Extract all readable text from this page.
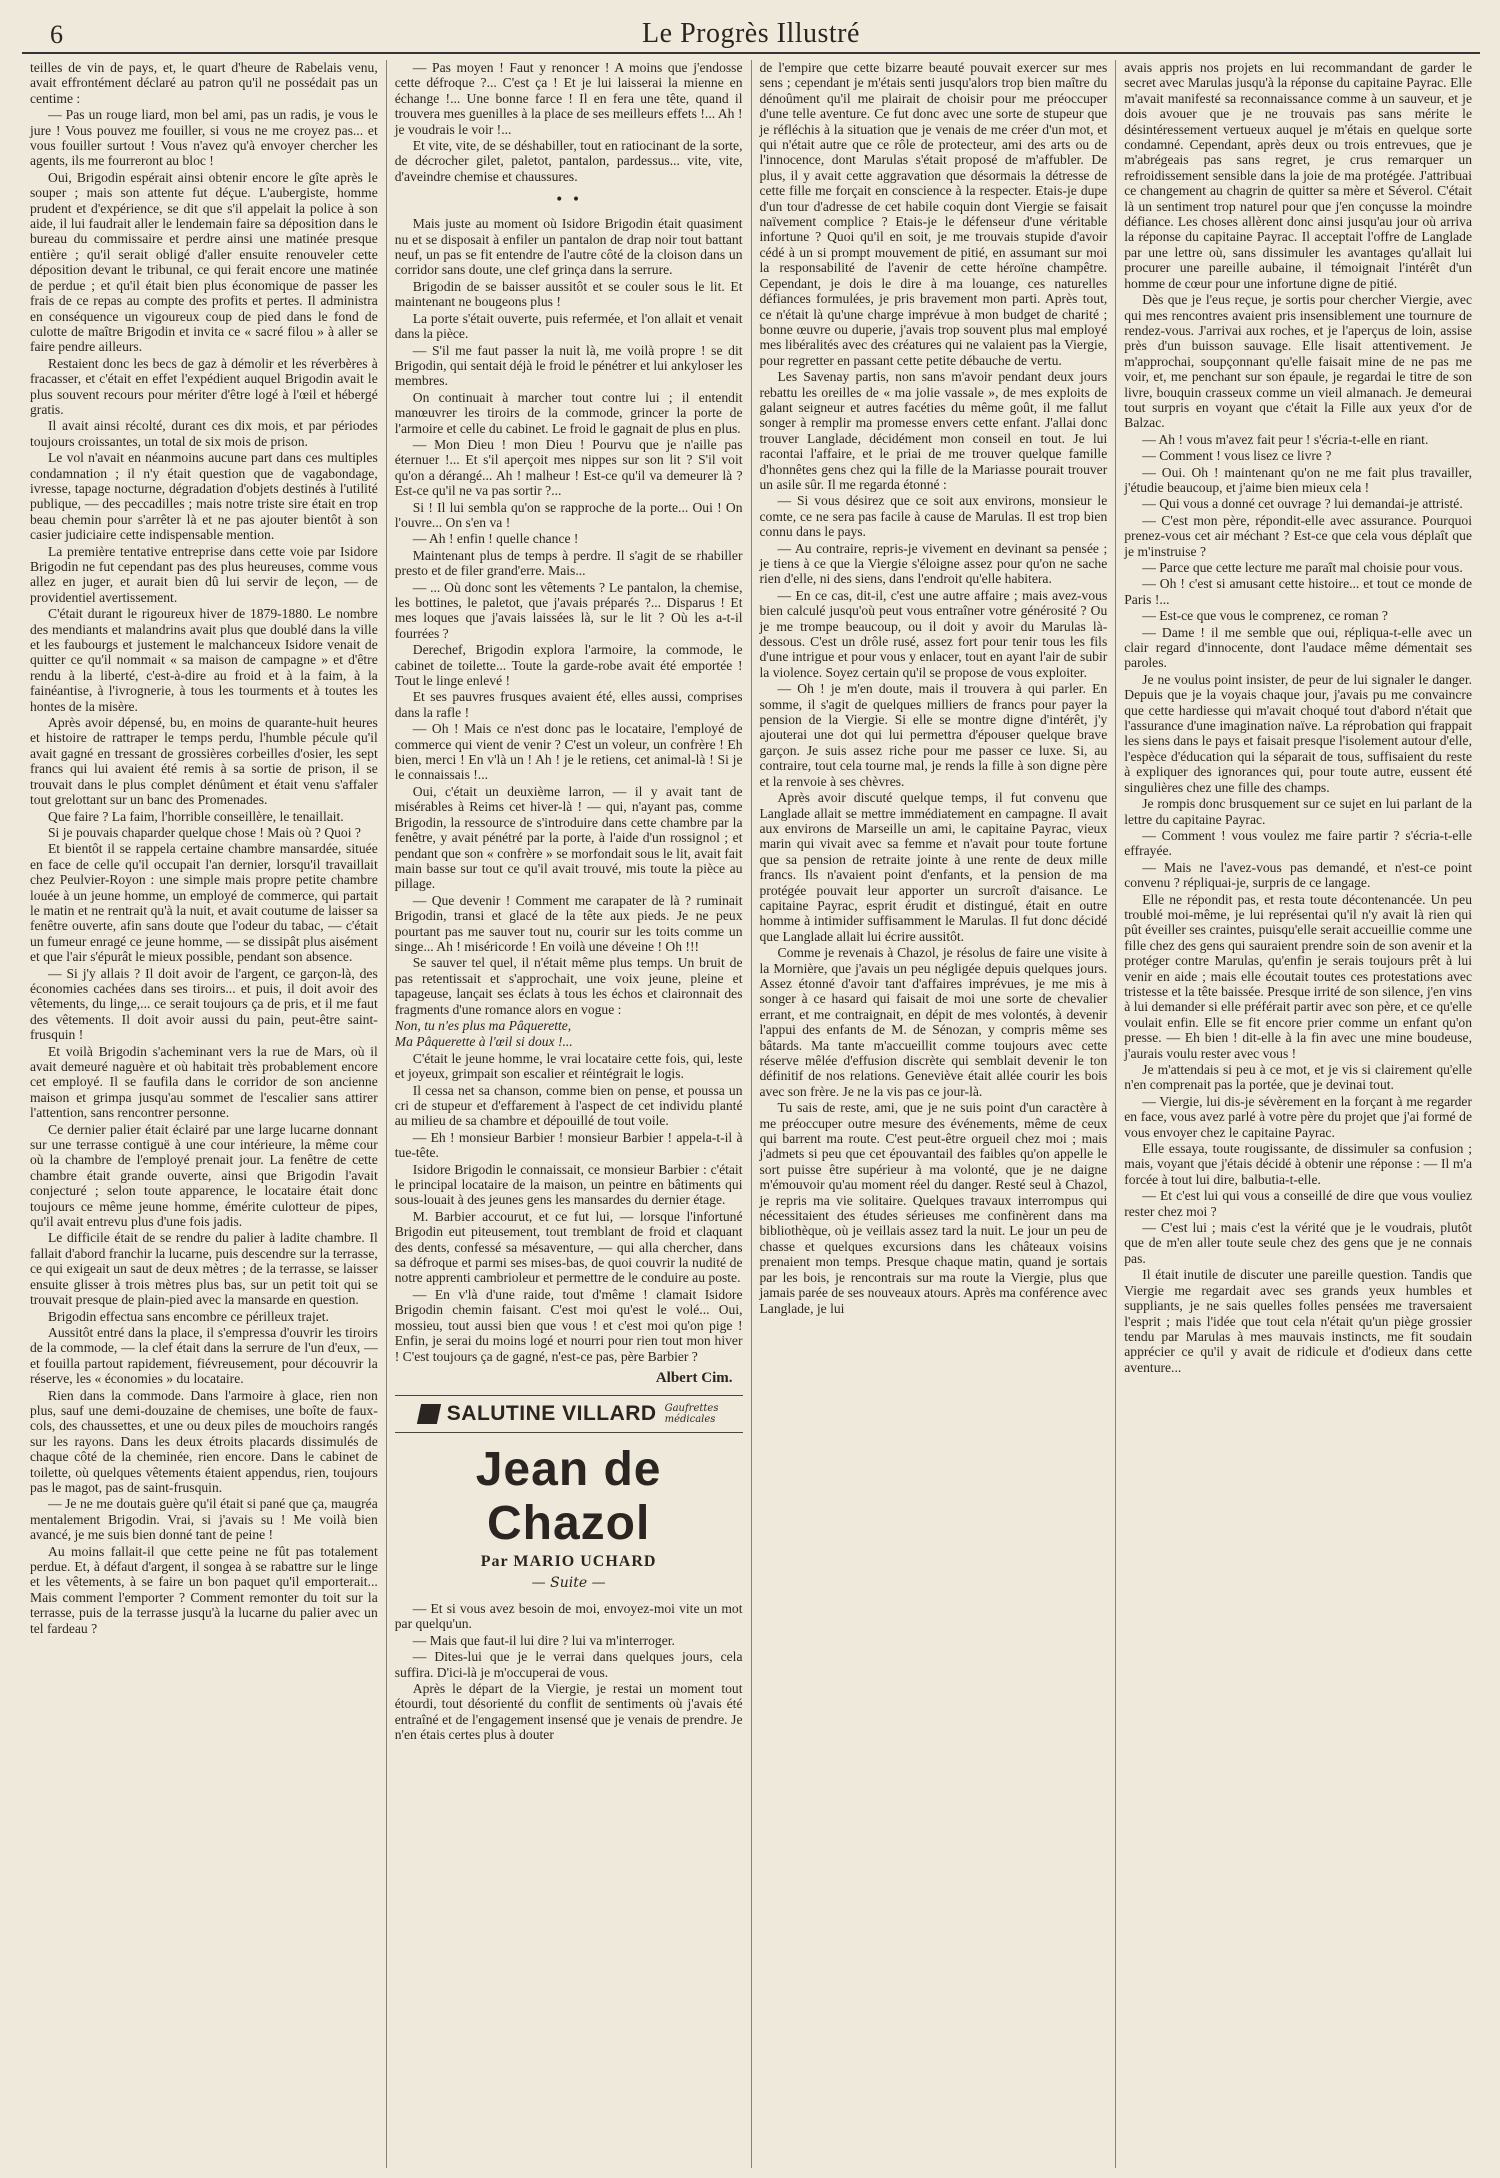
6	Le Progrès Illustré

teilles de vin de pays, et, le quart d'heure de Rabelais venu, avait effrontément déclaré au patron qu'il ne possédait pas un centime :

— Pas un rouge liard, mon bel ami, pas un radis, je vous le jure ! Vous pouvez me fouiller, si vous ne me croyez pas... et vous fouiller surtout ! Vous n'avez qu'à envoyer chercher les agents, ils me fourreront au bloc !

Oui, Brigodin espérait ainsi obtenir encore le gîte après le souper ; mais son attente fut déçue. L'aubergiste, homme prudent et d'expérience, se dit que s'il appelait la police à son aide, il lui faudrait aller le lendemain faire sa déposition dans le bureau du commissaire et perdre ainsi une matinée presque entière ; qu'il serait obligé d'aller ensuite renouveler cette déposition devant le tribunal, ce qui ferait encore une matinée de perdue ; et qu'il était bien plus économique de passer les frais de ce repas au compte des profits et pertes. Il administra en conséquence un vigoureux coup de pied dans le fond de culotte de maître Brigodin et invita ce « sacré filou » à aller se faire pendre ailleurs.

Restaient donc les becs de gaz à démolir et les réverbères à fracasser, et c'était en effet l'expédient auquel Brigodin avait le plus souvent recours pour mériter d'être logé à l'œil et hébergé gratis.

Il avait ainsi récolté, durant ces dix mois, et par périodes toujours croissantes, un total de six mois de prison.

Le vol n'avait en néanmoins aucune part dans ces multiples condamnation ; il n'y était question que de vagabondage, ivresse, tapage nocturne, dégradation d'objets destinés à l'utilité publique, — des peccadilles ; mais notre triste sire était en trop beau chemin pour s'arrêter là et ne pas ajouter bientôt à son casier judiciaire cette indispensable mention.

La première tentative entreprise dans cette voie par Isidore Brigodin ne fut cependant pas des plus heureuses, comme vous allez en juger, et aurait bien dû lui servir de leçon, — de providentiel avertissement.

C'était durant le rigoureux hiver de 1879-1880. Le nombre des mendiants et malandrins avait plus que doublé dans la ville et les faubourgs et justement le malchanceux Isidore venait de quitter ce qu'il nommait « sa maison de campagne » et d'être rendu à la liberté, c'est-à-dire au froid et à la faim, à la fainéantise, à l'ivrognerie, à tous les tourments et à toutes les hontes de la misère.

Après avoir dépensé, bu, en moins de quarante-huit heures et histoire de rattraper le temps perdu, l'humble pécule qu'il avait gagné en tressant de grossières corbeilles d'osier, les sept francs qui lui avaient été remis à sa sortie de prison, il se trouvait dans le plus complet dénûment et était venu s'affaler tout grelottant sur un banc des Promenades.

Que faire ? La faim, l'horrible conseillère, le tenaillait.

Si je pouvais chaparder quelque chose ! Mais où ? Quoi ?

Et bientôt il se rappela certaine chambre mansardée, située en face de celle qu'il occupait l'an dernier, lorsqu'il travaillait chez Peulvier-Royon : une simple mais propre petite chambre louée à un jeune homme, un employé de commerce, qui partait le matin et ne rentrait qu'à la nuit, et avait coutume de laisser sa fenêtre ouverte, afin sans doute que l'odeur du tabac, — c'était un fumeur enragé ce jeune homme, — se dissipât plus aisément et que l'air s'épurât le mieux possible, pendant son absence.

— Si j'y allais ? Il doit avoir de l'argent, ce garçon-là, des économies cachées dans ses tiroirs... et puis, il doit avoir des vêtements, du linge,... ce serait toujours ça de pris, et il me faut des vêtements. Il doit avoir aussi du pain, peut-être saint-frusquin !

Et voilà Brigodin s'acheminant vers la rue de Mars, où il avait demeuré naguère et où habitait très probablement encore cet employé. Il se faufila dans le corridor de son ancienne maison et grimpa jusqu'au sommet de l'escalier sans attirer l'attention, sans rencontrer personne.

Ce dernier palier était éclairé par une large lucarne donnant sur une terrasse contiguë à une cour intérieure, la même cour où la chambre de l'employé prenait jour. La fenêtre de cette chambre était grande ouverte, ainsi que Brigodin l'avait conjecturé ; selon toute apparence, le locataire était donc toujours ce même jeune homme, émérite culotteur de pipes, qu'il avait entrevu plus d'une fois jadis.

Le difficile était de se rendre du palier à ladite chambre. Il fallait d'abord franchir la lucarne, puis descendre sur la terrasse, ce qui exigeait un saut de deux mètres ; de la terrasse, se laisser ensuite glisser à trois mètres plus bas, sur un petit toit qui se trouvait presque de plain-pied avec la mansarde en question.

Brigodin effectua sans encombre ce périlleux trajet.

Aussitôt entré dans la place, il s'empressa d'ouvrir les tiroirs de la commode, — la clef était dans la serrure de l'un d'eux, — et fouilla partout rapidement, fiévreusement, pour découvrir la réserve, les « économies » du locataire.

Rien dans la commode. Dans l'armoire à glace, rien non plus, sauf une demi-douzaine de chemises, une boîte de faux-cols, des chaussettes, et une ou deux piles de mouchoirs rangés sur les rayons. Dans les deux étroits placards dissimulés de chaque côté de la cheminée, rien encore. Dans le cabinet de toilette, où quelques vêtements étaient appendus, rien, toujours pas le magot, pas de saint-frusquin.

— Je ne me doutais guère qu'il était si pané que ça, maugréa mentalement Brigodin. Vrai, si j'avais su ! Me voilà bien avancé, je me suis bien donné tant de peine !

Au moins fallait-il que cette peine ne fût pas totalement perdue. Et, à défaut d'argent, il songea à se rabattre sur le linge et les vêtements, à se faire un bon paquet qu'il emporterait... Mais comment l'emporter ? Comment remonter du toit sur la terrasse, puis de la terrasse jusqu'à la lucarne du palier avec un tel fardeau ?

— Pas moyen ! Faut y renoncer ! A moins que j'endosse cette défroque ?... C'est ça ! Et je lui laisserai la mienne en échange !... Une bonne farce ! Il en fera une tête, quand il trouvera mes guenilles à la place de ses meilleurs effets !... Ah ! je voudrais le voir !...

Et vite, vite, de se déshabiller, tout en ratiocinant de la sorte, de décrocher gilet, paletot, pantalon, pardessus... vite, vite, d'aveindre chemise et chaussures.

• •

Mais juste au moment où Isidore Brigodin était quasiment nu et se disposait à enfiler un pantalon de drap noir tout battant neuf, un pas se fit entendre de l'autre côté de la cloison dans un corridor sans doute, une clef grinça dans la serrure.

Brigodin de se baisser aussitôt et se couler sous le lit. Et maintenant ne bougeons plus !

La porte s'était ouverte, puis refermée, et l'on allait et venait dans la pièce.

— S'il me faut passer la nuit là, me voilà propre ! se dit Brigodin, qui sentait déjà le froid le pénétrer et lui ankyloser les membres.

On continuait à marcher tout contre lui ; il entendit manœuvrer les tiroirs de la commode, grincer la porte de l'armoire et celle du cabinet. Le froid le gagnait de plus en plus.

— Mon Dieu ! mon Dieu ! Pourvu que je n'aille pas éternuer !... Et s'il aperçoit mes nippes sur son lit ? S'il voit qu'on a dérangé... Ah ! malheur ! Est-ce qu'il va demeurer là ? Est-ce qu'il ne va pas sortir ?...

Si ! Il lui sembla qu'on se rapproche de la porte... Oui ! On l'ouvre... On s'en va !

— Ah ! enfin ! quelle chance !

Maintenant plus de temps à perdre. Il s'agit de se rhabiller presto et de filer grand'erre. Mais...

— ... Où donc sont les vêtements ? Le pantalon, la chemise, les bottines, le paletot, que j'avais préparés ?... Disparus ! Et mes loques que j'avais laissées là, sur le lit ? Où les a-t-il fourrées ?

Derechef, Brigodin explora l'armoire, la commode, le cabinet de toilette... Toute la garde-robe avait été emportée ! Tout le linge enlevé !

Et ses pauvres frusques avaient été, elles aussi, comprises dans la rafle !

— Oh ! Mais ce n'est donc pas le locataire, l'employé de commerce qui vient de venir ? C'est un voleur, un confrère ! Eh bien, merci ! En v'là un ! Ah ! je le retiens, cet animal-là ! Si je le connaissais !...

Oui, c'était un deuxième larron, — il y avait tant de misérables à Reims cet hiver-là ! — qui, n'ayant pas, comme Brigodin, la ressource de s'introduire dans cette chambre par la fenêtre, y avait pénétré par la porte, à l'aide d'un rossignol ; et pendant que son « confrère » se morfondait sous le lit, avait fait main basse sur tout ce qu'il avait trouvé, mis toute la pièce au pillage.

— Que devenir ! Comment me carapater de là ? ruminait Brigodin, transi et glacé de la tête aux pieds. Je ne peux pourtant pas me sauver tout nu, courir sur les toits comme un singe... Ah ! miséricorde ! En voilà une déveine ! Oh !!!

Se sauver tel quel, il n'était même plus temps. Un bruit de pas retentissait et s'approchait, une voix jeune, pleine et tapageuse, lançait ses éclats à tous les échos et claironnait des fragments d'une romance alors en vogue :

Non, tu n'es plus ma Pâquerette,

Ma Pâquerette à l'œil si doux !...

C'était le jeune homme, le vrai locataire cette fois, qui, leste et joyeux, grimpait son escalier et réintégrait le logis.

Il cessa net sa chanson, comme bien on pense, et poussa un cri de stupeur et d'effarement à l'aspect de cet individu planté au milieu de sa chambre et dépouillé de tout voile.

— Eh ! monsieur Barbier ! monsieur Barbier ! appela-t-il à tue-tête.

Isidore Brigodin le connaissait, ce monsieur Barbier : c'était le principal locataire de la maison, un peintre en bâtiments qui sous-louait à des jeunes gens les mansardes du dernier étage.

M. Barbier accourut, et ce fut lui, — lorsque l'infortuné Brigodin eut piteusement, tout tremblant de froid et claquant des dents, confessé sa mésaventure, — qui alla chercher, dans sa défroque et parmi ses mises-bas, de quoi couvrir la nudité de notre apprenti cambrioleur et permettre de le conduire au poste.

— En v'là d'une raide, tout d'même ! clamait Isidore Brigodin chemin faisant. C'est moi qu'est le volé... Oui, mossieu, tout aussi bien que vous ! et c'est moi qu'on pige ! Enfin, je serai du moins logé et nourri pour rien tout mon hiver ! C'est toujours ça de gagné, n'est-ce pas, père Barbier ?

Albert Cim.
SALUTINE VILLARD Gaufrettes
médicales
Jean de Chazol
Par MARIO UCHARD
— Suite —

— Et si vous avez besoin de moi, envoyez-moi vite un mot par quelqu'un.

— Mais que faut-il lui dire ? lui va m'interroger.

— Dites-lui que je le verrai dans quelques jours, cela suffira. D'ici-là je m'occuperai de vous.

Après le départ de la Viergie, je restai un moment tout étourdi, tout désorienté du conflit de sentiments où j'avais été entraîné et de l'engagement insensé que je venais de prendre. Je n'en étais certes plus à douter

de l'empire que cette bizarre beauté pouvait exercer sur mes sens ; cependant je m'étais senti jusqu'alors trop bien maître du dénoûment qu'il me plairait de choisir pour me préoccuper d'une telle aventure. Ce fut donc avec une sorte de stupeur que je réfléchis à la situation que je venais de me créer d'un mot, et qui n'était autre que ce rôle de protecteur, ami des arts ou de l'innocence, dont Marulas s'était proposé de m'affubler. De plus, il y avait cette aggravation que désormais la détresse de cette fille me forçait en conscience à la respecter. Etais-je dupe d'un tour d'adresse de cet habile coquin dont Viergie se faisait naïvement complice ? Etais-je le défenseur d'une véritable infortune ? Quoi qu'il en soit, je me trouvais stupide d'avoir cédé à un si prompt mouvement de pitié, en assumant sur moi la responsabilité de l'avenir de cette héroïne champêtre. Cependant, je dois le dire à ma louange, ces naturelles défiances formulées, je pris bravement mon parti. Après tout, ce n'était là qu'une charge imprévue à mon budget de charité ; bonne œuvre ou duperie, j'avais trop souvent plus mal employé mes libéralités avec des créatures qui ne valaient pas la Viergie, pour regretter en passant cette petite débauche de vertu.

Les Savenay partis, non sans m'avoir pendant deux jours rebattu les oreilles de « ma jolie vassale », de mes exploits de galant seigneur et autres facéties du même goût, il me fallut songer à remplir ma promesse envers cette enfant. J'allai donc trouver Langlade, décidément mon conseil en tout. Je lui racontai l'affaire, et le priai de me trouver quelque famille d'honnêtes gens chez qui la fille de la Mariasse pourait trouver un asile sûr. Il me regarda étonné :

— Si vous désirez que ce soit aux environs, monsieur le comte, ce ne sera pas facile à cause de Marulas. Il est trop bien connu dans le pays.

— Au contraire, repris-je vivement en devinant sa pensée ; je tiens à ce que la Viergie s'éloigne assez pour qu'on ne sache rien d'elle, ni des siens, dans l'endroit qu'elle habitera.

— En ce cas, dit-il, c'est une autre affaire ; mais avez-vous bien calculé jusqu'où peut vous entraîner votre générosité ? Ou je me trompe beaucoup, ou il doit y avoir du Marulas là-dessous. C'est un drôle rusé, assez fort pour tenir tous les fils d'une intrigue et pour vous y enlacer, tout en ayant l'air de subir la violence. Soyez certain qu'il se propose de vous exploiter.

— Oh ! je m'en doute, mais il trouvera à qui parler. En somme, il s'agit de quelques milliers de francs pour payer la pension de la Viergie. Si elle se montre digne d'intérêt, j'y ajouterai une dot qui lui permettra d'épouser quelque brave garçon. Je suis assez riche pour me passer ce luxe. Si, au contraire, tout cela tourne mal, je rends la fille à son digne père et la renvoie à ses chèvres.

Après avoir discuté quelque temps, il fut convenu que Langlade allait se mettre immédiatement en campagne. Il avait aux environs de Marseille un ami, le capitaine Payrac, vieux marin qui vivait avec sa femme et n'avait pour toute fortune que sa pension de retraite jointe à une rente de deux mille francs. Ils n'avaient point d'enfants, et la pension de ma protégée pouvait leur apporter un surcroît d'aisance. Le capitaine Payrac, esprit érudit et distingué, était en outre homme à intimider suffisamment le Marulas. Il fut donc décidé que Langlade allait lui écrire aussitôt.

Comme je revenais à Chazol, je résolus de faire une visite à la Mornière, que j'avais un peu négligée depuis quelques jours. Assez étonné d'avoir tant d'affaires imprévues, je me mis à songer à ce hasard qui faisait de moi une sorte de chevalier errant, et me contraignait, en dépit de mes volontés, à devenir l'appui des enfants de M. de Sénozan, y compris même ses bâtards. Ma tante m'accueillit comme toujours avec cette réserve mêlée d'effusion discrète qui semblait devenir le ton définitif de nos relations. Geneviève était allée courir les bois avec son frère. Je ne la vis pas ce jour-là.

Tu sais de reste, ami, que je ne suis point d'un caractère à me préoccuper outre mesure des événements, même de ceux qui barrent ma route. C'est peut-être orgueil chez moi ; mais j'admets si peu que cet épouvantail des faibles qu'on appelle le sort puisse être supérieur à ma volonté, que je ne daigne m'émouvoir qu'au moment réel du danger. Resté seul à Chazol, je repris ma vie solitaire. Quelques travaux interrompus qui nécessitaient des études sérieuses me confinèrent dans ma bibliothèque, où je veillais assez tard la nuit. Le jour un peu de chasse et quelques excursions dans les châteaux voisins prenaient mon temps. Presque chaque matin, quand je sortais par les bois, je rencontrais sur ma route la Viergie, plus que jamais parée de ses nouveaux atours. Après ma conférence avec Langlade, je lui

avais appris nos projets en lui recommandant de garder le secret avec Marulas jusqu'à la réponse du capitaine Payrac. Elle m'avait manifesté sa reconnaissance comme à un sauveur, et je dois avouer que je ne trouvais pas sans mérite le désintéressement vertueux auquel je m'étais en quelque sorte condamné. Cependant, après deux ou trois entrevues, que je m'abrégeais pas sans regret, je crus remarquer un refroidissement sensible dans la joie de ma protégée. J'attribuai ce changement au chagrin de quitter sa mère et Séverol. C'était là un sentiment trop naturel pour que j'en conçusse la moindre défiance. Les choses allèrent donc ainsi jusqu'au jour où arriva la réponse du capitaine Payrac. Il acceptait l'offre de Langlade par une lettre où, sans dissimuler les avantages qu'allait lui procurer une pareille aubaine, il témoignait l'intérêt d'un homme de cœur pour une infortune digne de pitié.

Dès que je l'eus reçue, je sortis pour chercher Viergie, avec qui mes rencontres avaient pris insensiblement une tournure de rendez-vous. J'arrivai aux roches, et je l'aperçus de loin, assise près d'un buisson sauvage. Elle lisait attentivement. Je m'approchai, soupçonnant qu'elle faisait mine de ne pas me voir, et, me penchant sur son épaule, je regardai le titre de son livre, bouquin crasseux comme un vieil almanach. Je demeurai tout surpris en voyant que c'était la Fille aux yeux d'or de Balzac.

— Ah ! vous m'avez fait peur ! s'écria-t-elle en riant.

— Comment ! vous lisez ce livre ?

— Oui. Oh ! maintenant qu'on ne me fait plus travailler, j'étudie beaucoup, et j'aime bien mieux cela !

— Qui vous a donné cet ouvrage ? lui demandai-je attristé.

— C'est mon père, répondit-elle avec assurance. Pourquoi prenez-vous cet air méchant ? Est-ce que cela vous déplaît que je m'instruise ?

— Parce que cette lecture me paraît mal choisie pour vous.

— Oh ! c'est si amusant cette histoire... et tout ce monde de Paris !...

— Est-ce que vous le comprenez, ce roman ?

— Dame ! il me semble que oui, répliqua-t-elle avec un clair regard d'innocente, dont l'audace même démentait ses paroles.

Je ne voulus point insister, de peur de lui signaler le danger. Depuis que je la voyais chaque jour, j'avais pu me convaincre que cette hardiesse qui m'avait choqué tout d'abord n'était que l'assurance d'une imagination naïve. La réprobation qui frappait les siens dans le pays et faisait presque l'isolement autour d'elle, l'espèce d'éducation qui la séparait de tous, suffisaient du reste à expliquer des ignorances qui, pour toute autre, eussent été singulières chez une fille des champs.

Je rompis donc brusquement sur ce sujet en lui parlant de la lettre du capitaine Payrac.

— Comment ! vous voulez me faire partir ? s'écria-t-elle effrayée.

— Mais ne l'avez-vous pas demandé, et n'est-ce point convenu ? répliquai-je, surpris de ce langage.

Elle ne répondit pas, et resta toute décontenancée. Un peu troublé moi-même, je lui représentai qu'il n'y avait là rien qui pût éveiller ses craintes, puisqu'elle serait accueillie comme une fille chez des gens qui sauraient prendre soin de son avenir et la protéger contre Marulas, qu'enfin je serais toujours prêt à lui venir en aide ; mais elle écoutait toutes ces protestations avec tristesse et la tête baissée. Presque irrité de son silence, j'en vins à lui demander si elle préférait partir avec son père, et ce qu'elle voulait enfin. Elle se fit encore prier comme un enfant qu'on presse. — Eh bien ! dit-elle à la fin avec une mine boudeuse, j'aurais voulu rester avec vous !

Je m'attendais si peu à ce mot, et je vis si clairement qu'elle n'en comprenait pas la portée, que je devinai tout.

— Viergie, lui dis-je sévèrement en la forçant à me regarder en face, vous avez parlé à votre père du projet que j'ai formé de vous envoyer chez le capitaine Payrac.

Elle essaya, toute rougissante, de dissimuler sa confusion ; mais, voyant que j'étais décidé à obtenir une réponse : — Il m'a forcée à tout lui dire, balbutia-t-elle.

— Et c'est lui qui vous a conseillé de dire que vous vouliez rester chez moi ?

— C'est lui ; mais c'est la vérité que je le voudrais, plutôt que de m'en aller toute seule chez des gens que je ne connais pas.

Il était inutile de discuter une pareille question. Tandis que Viergie me regardait avec ses grands yeux humbles et suppliants, je ne sais quelles folles pensées me traversaient l'esprit ; mais l'idée que tout cela n'était qu'un piège grossier tendu par Marulas à mes mauvais instincts, me fit soudain apprécier ce qu'il y avait de ridicule et d'odieux dans cette aventure...
